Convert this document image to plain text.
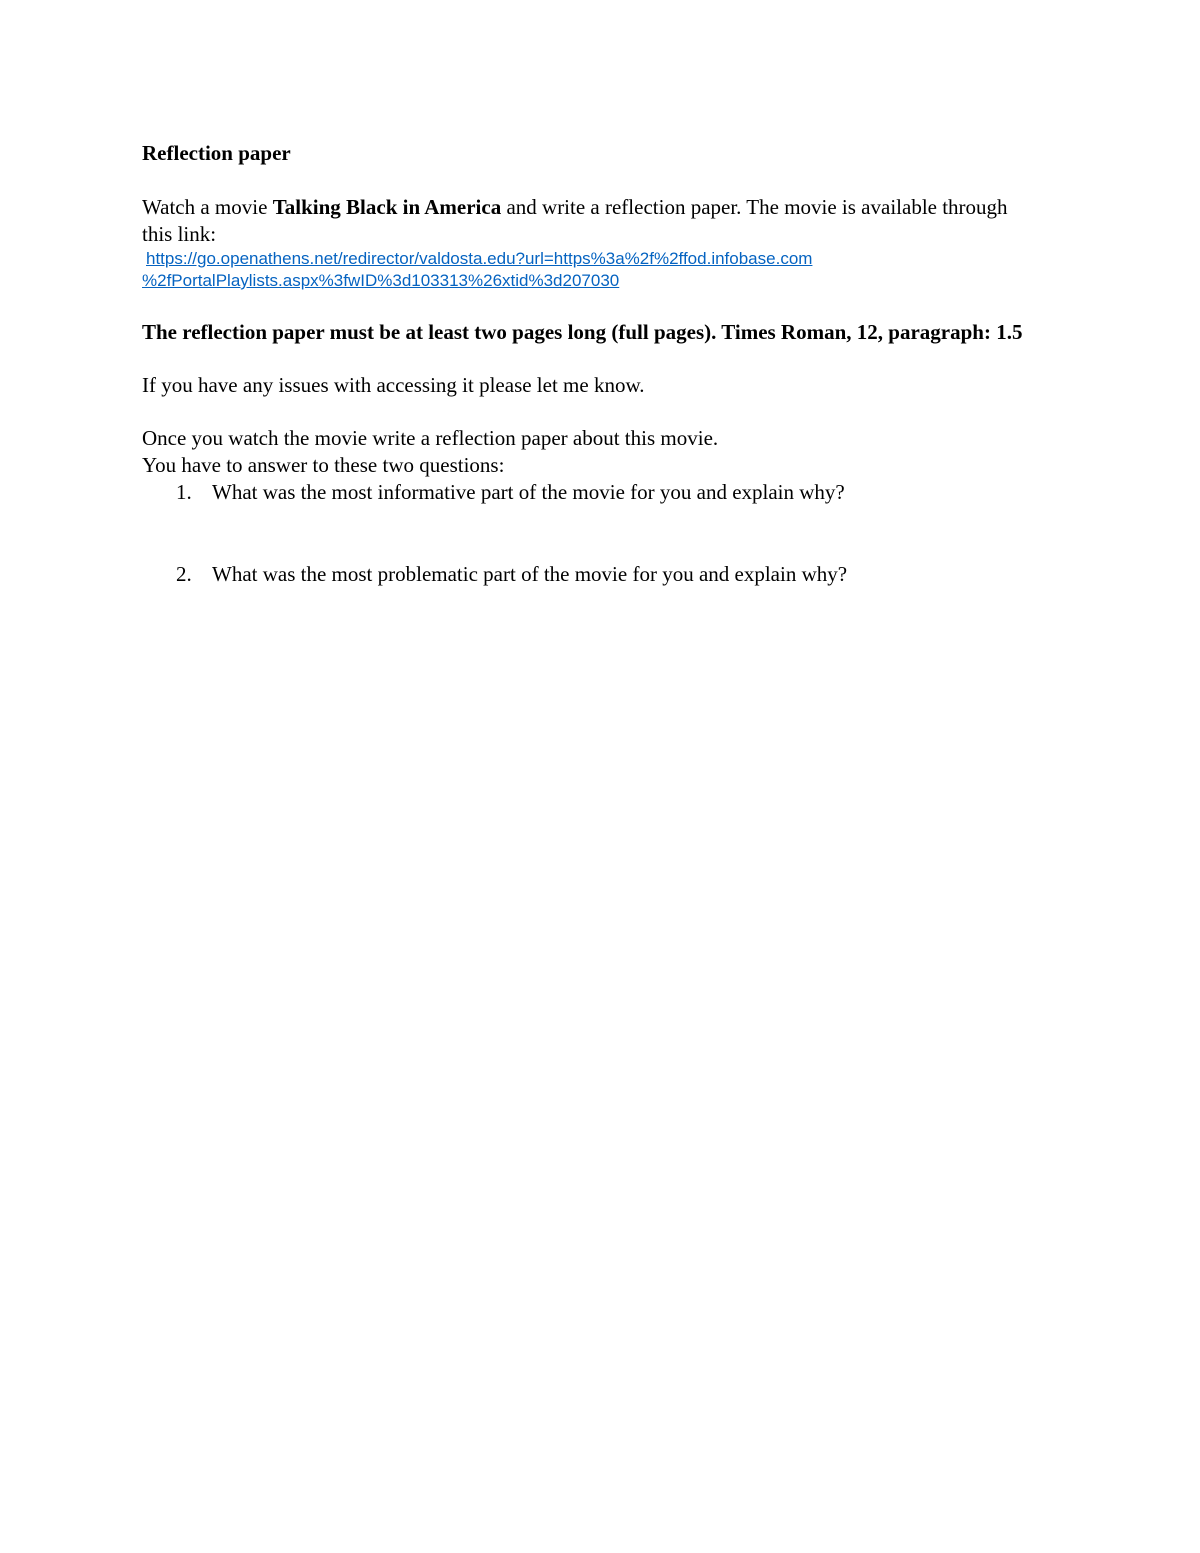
Reflection paper

Watch a movie Talking Black in America and write a reflection paper. The movie is available through this link:

https://go.openathens.net/redirector/valdosta.edu?url=https%3a%2f%2ffod.infobase.com
%2fPortalPlaylists.aspx%3fwID%3d103313%26xtid%3d207030

The reflection paper must be at least two pages long (full pages). Times Roman, 12, paragraph: 1.5

If you have any issues with accessing it please let me know.

Once you watch the movie write a reflection paper about this movie.

You have to answer to these two questions:

1. What was the most informative part of the movie for you and explain why?
2. What was the most problematic part of the movie for you and explain why?
